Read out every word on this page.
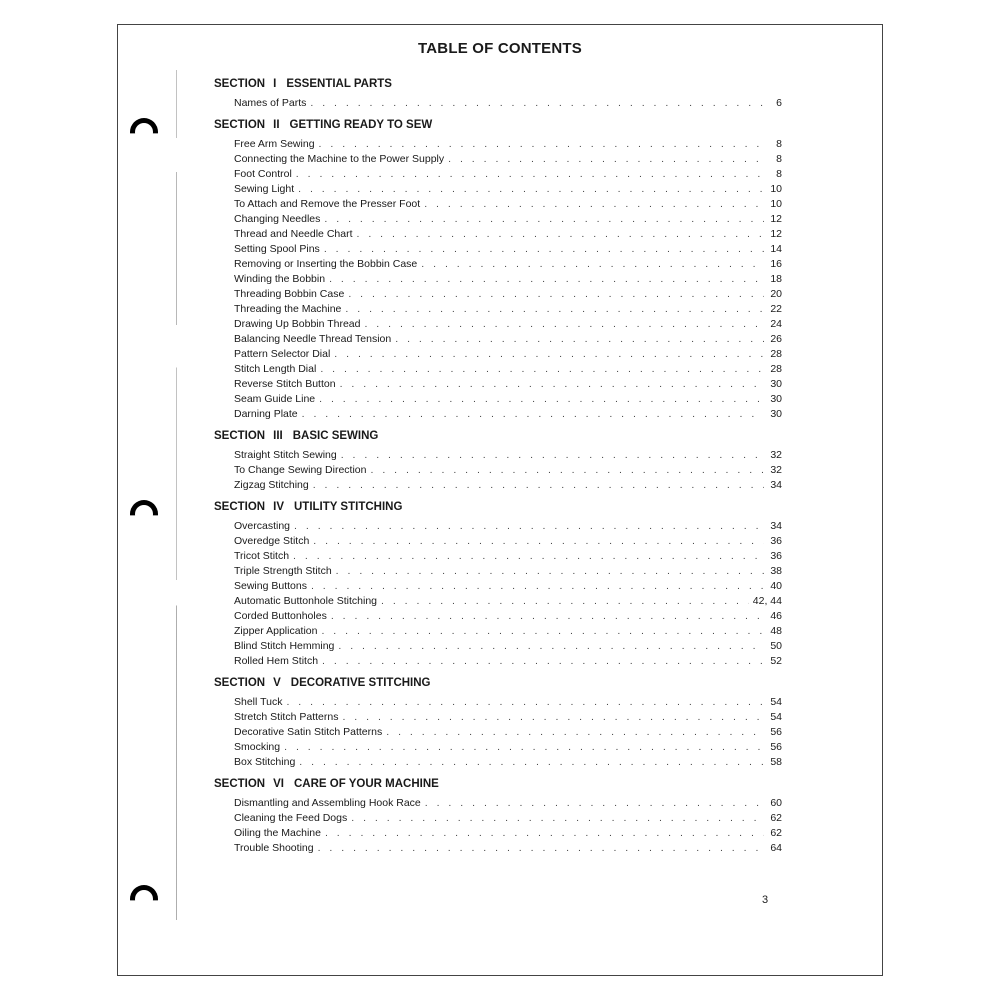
TABLE OF CONTENTS
SECTION I ESSENTIAL PARTS
Names of Parts . . .	6
SECTION II GETTING READY TO SEW
Free Arm Sewing . . .	8
Connecting the Machine to the Power Supply . . .	8
Foot Control . . .	8
Sewing Light . . .	10
To Attach and Remove the Presser Foot . . .	10
Changing Needles . . .	12
Thread and Needle Chart . . .	12
Setting Spool Pins . . .	14
Removing or Inserting the Bobbin Case . . .	16
Winding the Bobbin . . .	18
Threading Bobbin Case . . .	20
Threading the Machine . . .	22
Drawing Up Bobbin Thread . . .	24
Balancing Needle Thread Tension . . .	26
Pattern Selector Dial . . .	28
Stitch Length Dial . . .	28
Reverse Stitch Button . . .	30
Seam Guide Line . . .	30
Darning Plate . . .	30
SECTION III BASIC SEWING
Straight Stitch Sewing . . .	32
To Change Sewing Direction . . .	32
Zigzag Stitching . . .	34
SECTION IV UTILITY STITCHING
Overcasting . . .	34
Overedge Stitch . . .	36
Tricot Stitch . . .	36
Triple Strength Stitch . . .	38
Sewing Buttons . . .	40
Automatic Buttonhole Stitching . . .	42, 44
Corded Buttonholes . . .	46
Zipper Application . . .	48
Blind Stitch Hemming . . .	50
Rolled Hem Stitch . . .	52
SECTION V DECORATIVE STITCHING
Shell Tuck . . .	54
Stretch Stitch Patterns . . .	54
Decorative Satin Stitch Patterns . . .	56
Smocking . . .	56
Box Stitching . . .	58
SECTION VI CARE OF YOUR MACHINE
Dismantling and Assembling Hook Race . . .	60
Cleaning the Feed Dogs . . .	62
Oiling the Machine . . .	62
Trouble Shooting . . .	64
3
